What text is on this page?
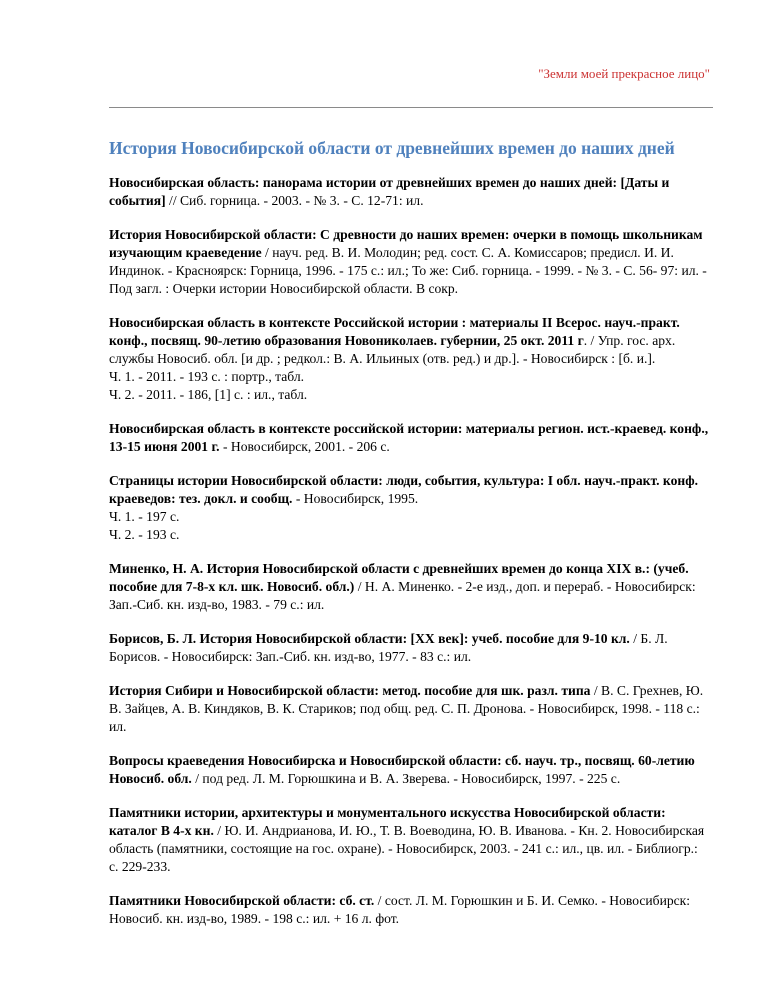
"Земли моей прекрасное лицо"
История Новосибирской области от древнейших времен до наших дней
Новосибирская область: панорама истории от древнейших времен до наших дней: [Даты и события] // Сиб. горница. - 2003. - № 3. - С. 12-71: ил.
История Новосибирской области: С древности до наших времен: очерки в помощь школьникам изучающим краеведение / науч. ред. В. И. Молодин; ред. сост. С. А. Комиссаров; предисл. И. И. Индинок. - Красноярск: Горница, 1996. - 175 с.: ил.; То же: Сиб. горница. - 1999. - № 3. - С. 56- 97: ил. - Под загл. : Очерки истории Новосибирской области. В сокр.
Новосибирская область в контексте Российской истории : материалы II Всерос. науч.-практ. конф., посвящ. 90-летию образования Новониколаев. губернии, 25 окт. 2011 г. / Упр. гос. арх. службы Новосиб. обл. [и др. ; редкол.: В. А. Ильиных (отв. ред.) и др.]. - Новосибирск : [б. и.].
Ч. 1. - 2011. - 193 с. : портр., табл.
Ч. 2. - 2011. - 186, [1] с. : ил., табл.
Новосибирская область в контексте российской истории: материалы регион. ист.-краевед. конф., 13-15 июня 2001 г. - Новосибирск, 2001. - 206 с.
Страницы истории Новосибирской области: люди, события, культура: I обл. науч.-практ. конф. краеведов: тез. докл. и сообщ. - Новосибирск, 1995.
Ч. 1. - 197 с.
Ч. 2. - 193 с.
Миненко, Н. А. История Новосибирской области с древнейших времен до конца XIX в.: (учеб. пособие для 7-8-х кл. шк. Новосиб. обл.) / Н. А. Миненко. - 2-е изд., доп. и перераб. - Новосибирск: Зап.-Сиб. кн. изд-во, 1983. - 79 с.: ил.
Борисов, Б. Л. История Новосибирской области: [XX век]: учеб. пособие для 9-10 кл. / Б. Л. Борисов. - Новосибирск: Зап.-Сиб. кн. изд-во, 1977. - 83 с.: ил.
История Сибири и Новосибирской области: метод. пособие для шк. разл. типа / В. С. Грехнев, Ю. В. Зайцев, А. В. Киндяков, В. К. Стариков; под общ. ред. С. П. Дронова. - Новосибирск, 1998. - 118 с.: ил.
Вопросы краеведения Новосибирска и Новосибирской области: сб. науч. тр., посвящ. 60-летию Новосиб. обл. / под ред. Л. М. Горюшкина и В. А. Зверева. - Новосибирск, 1997. - 225 с.
Памятники истории, архитектуры и монументального искусства Новосибирской области: каталог В 4-х кн. / Ю. И. Андрианова, И. Ю., Т. В. Воеводина, Ю. В. Иванова. - Кн. 2. Новосибирская область (памятники, состоящие на гос. охране). - Новосибирск, 2003. - 241 с.: ил., цв. ил. - Библиогр.: с. 229-233.
Памятники Новосибирской области: сб. ст. / сост. Л. М. Горюшкин и Б. И. Семко. - Новосибирск: Новосиб. кн. изд-во, 1989. - 198 с.: ил. + 16 л. фот.
